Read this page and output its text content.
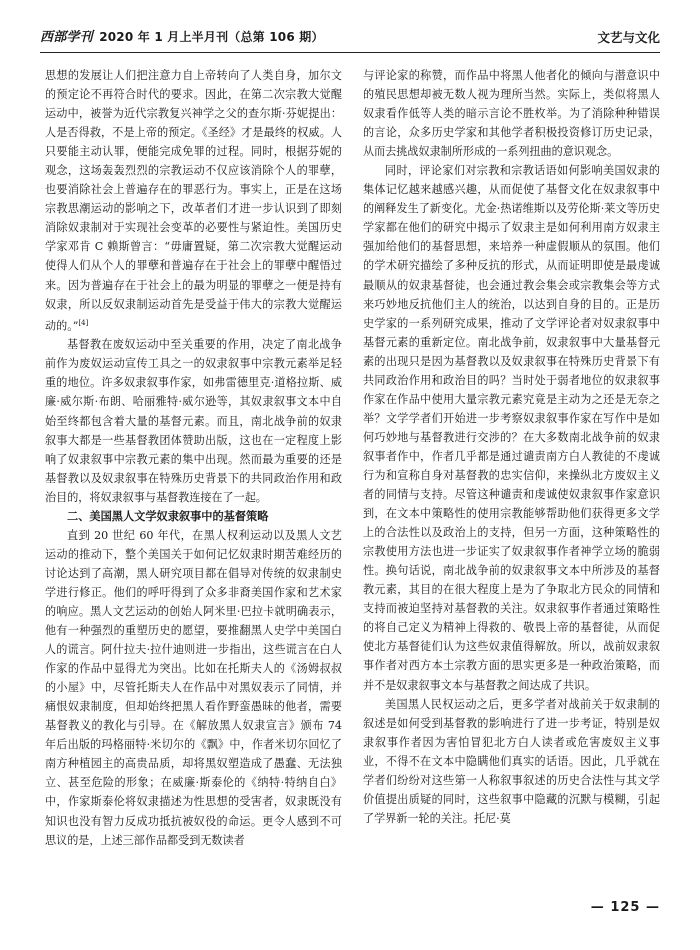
西部学刊 2020 年 1 月上半月刊（总第 106 期）	文艺与文化

思想的发展让人们把注意力自上帝转向了人类自身，加尔文的预定论不再符合时代的要求。因此，在第二次宗教大觉醒运动中，被誉为近代宗教复兴神学之父的查尔斯·芬妮提出：人是否得救，不是上帝的预定。《圣经》才是最终的权威。人只要能主动认罪，便能完成免罪的过程。同时，根据芬妮的观念，这场轰轰烈烈的宗教运动不仅应该消除个人的罪孽，也要消除社会上普遍存在的罪恶行为。事实上，正是在这场宗教思潮运动的影响之下，改革者们才进一步认识到了即刻消除奴隶制对于实现社会变革的必要性与紧迫性。美国历史学家邓肯 C 赖斯曾言：“毋庸置疑，第二次宗教大觉醒运动使得人们从个人的罪孽和普遍存在于社会上的罪孽中醒悟过来。因为普遍存在于社会上的最为明显的罪孽之一便是持有奴隶，所以反奴隶制运动首先是受益于伟大的宗教大觉醒运动的。”[4]

基督教在废奴运动中至关重要的作用，决定了南北战争前作为废奴运动宣传工具之一的奴隶叙事中宗教元素举足轻重的地位。许多奴隶叙事作家，如弗雷德里克·道格拉斯、威廉·威尔斯·布朗、哈丽雅特·威尔逊等，其奴隶叙事文本中自始至终都包含着大量的基督元素。而且，南北战争前的奴隶叙事大都是一些基督教团体赞助出版，这也在一定程度上影响了奴隶叙事中宗教元素的集中出现。然而最为重要的还是基督教以及奴隶叙事在特殊历史背景下的共同政治作用和政治目的，将奴隶叙事与基督教连接在了一起。

二、美国黑人文学奴隶叙事中的基督策略

直到 20 世纪 60 年代，在黑人权利运动以及黑人文艺运动的推动下，整个美国关于如何记忆奴隶时期苦难经历的讨论达到了高潮，黑人研究项目都在倡导对传统的奴隶制史学进行修正。他们的呼吁得到了众多非裔美国作家和艺术家的响应。黑人文艺运动的创始人阿米里·巴拉卡就明确表示，他有一种强烈的重塑历史的愿望，要推翻黑人史学中美国白人的谎言。阿什拉夫·拉什迪则进一步指出，这些谎言在白人作家的作品中显得尤为突出。比如在托斯夫人的《汤姆叔叔的小屋》中，尽管托斯夫人在作品中对黑奴表示了同情，并痛恨奴隶制度，但却始终把黑人看作野蛮愚昧的他者，需要基督教义的教化与引导。在《解放黑人奴隶宣言》颁布 74 年后出版的玛格丽特·米切尔的《飘》中，作者米切尔回忆了南方种植园主的高贵品质，却将黑奴塑造成了愚蠢、无法独立、甚至危险的形象；在威廉·斯泰伦的《纳特·特纳自白》中，作家斯泰伦将奴隶描述为性思想的受害者，奴隶既没有知识也没有智力反成功抵抗被奴役的命运。更令人感到不可思议的是，上述三部作品都受到无数读者

与评论家的称赞，而作品中将黑人他者化的倾向与潜意识中的殖民思想却被无数人视为理所当然。实际上，类似将黑人奴隶看作低等人类的暗示言论不胜枚举。为了消除种种错误的言论，众多历史学家和其他学者积极投资修订历史记录，从而去挑战奴隶制所形成的一系列扭曲的意识观念。

同时，评论家们对宗教和宗教话语如何影响美国奴隶的集体记忆越来越感兴趣，从而促使了基督文化在奴隶叙事中的阐释发生了新变化。尤金·热诺维斯以及劳伦斯·莱文等历史学家都在他们的研究中揭示了奴隶主是如何利用南方奴隶主强加给他们的基督思想，来培养一种虚假顺从的氛围。他们的学术研究描绘了多种反抗的形式，从而证明即使是最虔诚最顺从的奴隶基督徒，也会通过教会集会或宗教集会等方式来巧妙地反抗他们主人的统治，以达到自身的目的。正是历史学家的一系列研究成果，推动了文学评论者对奴隶叙事中基督元素的重新定位。南北战争前，奴隶叙事中大量基督元素的出现只是因为基督教以及奴隶叙事在特殊历史背景下有共同政治作用和政治目的吗？当时处于弱者地位的奴隶叙事作家在作品中使用大量宗教元素究竟是主动为之还是无奈之举？文学学者们开始进一步考察奴隶叙事作家在写作中是如何巧妙地与基督教进行交涉的？在大多数南北战争前的奴隶叙事者作中，作者几乎都是通过谴责南方白人教徒的不虔诚行为和宣称自身对基督教的忠实信仰，来操纵北方废奴主义者的同情与支持。尽管这种谴责和虔诚使奴隶叙事作家意识到，在文本中策略性的使用宗教能够帮助他们获得更多文学上的合法性以及政治上的支持，但另一方面，这种策略性的宗教使用方法也进一步证实了奴隶叙事作者神学立场的脆弱性。换句话说，南北战争前的奴隶叙事文本中所涉及的基督教元素，其目的在很大程度上是为了争取北方民众的同情和支持而被迫坚持对基督教的关注。奴隶叙事作者通过策略性的将自己定义为精神上得救的、敬畏上帝的基督徒，从而促使北方基督徒们认为这些奴隶值得解放。所以，战前奴隶叙事作者对西方本土宗教方面的思实更多是一种政治策略，而并不是奴隶叙事文本与基督教之间达成了共识。

美国黑人民权运动之后，更多学者对战前关于奴隶制的叙述是如何受到基督教的影响进行了进一步考证，特别是奴隶叙事作者因为害怕冒犯北方白人读者或危害废奴主义事业，不得不在文本中隐瞒他们真实的话语。因此，几乎就在学者们纷纷对这些第一人称叙事叙述的历史合法性与其文学价值提出质疑的同时，这些叙事中隐藏的沉默与模糊，引起了学界新一轮的关注。托尼·莫

— 125 —
